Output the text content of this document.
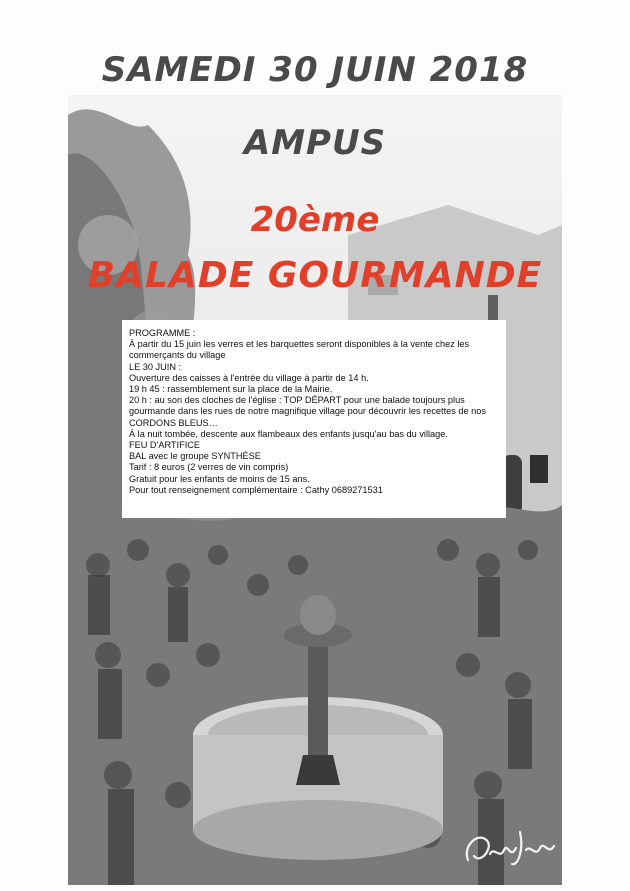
SAMEDI 30 JUIN 2018
AMPUS
20ème
BALADE GOURMANDE

PROGRAMME :

À partir du 15 juin les verres et les barquettes seront disponibles à la vente chez les commerçants du village

LE 30 JUIN :

Ouverture des caisses à l'entrée du village à partir de 14 h.

19 h 45 : rassemblement sur la place de la Mairie.

20 h : au son des cloches de l'église : TOP DÉPART pour une balade toujours plus gourmande dans les rues de notre magnifique village pour découvrir les recettes de nos CORDONS BLEUS…

À la nuit tombée, descente aux flambeaux des enfants jusqu'au bas du village.

FEU D'ARTIFICE

BAL avec le groupe SYNTHÈSE

Tarif : 8 euros (2 verres de vin compris)

Gratuit pour les enfants de moins de 15 ans.

Pour tout renseignement complémentaire : Cathy 0689271531
